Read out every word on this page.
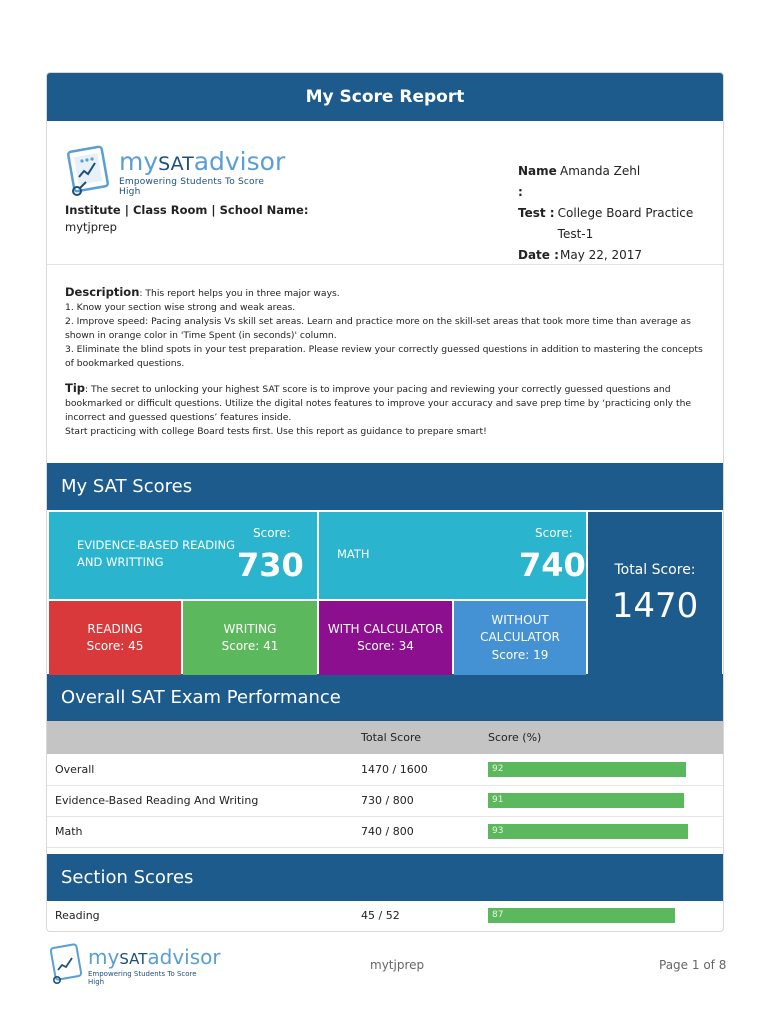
My Score Report
mySATadvisor
Empowering Students To Score High
Institute | Class Room | School Name:
mytjprep
Name :
Amanda Zehl
Test : College Board Practice Test-1
Date : May 22, 2017

Description: This report helps you in three major ways.

1. Know your section wise strong and weak areas.

2. Improve speed: Pacing analysis Vs skill set areas. Learn and practice more on the skill-set areas that took more time than average as shown in orange color in 'Time Spent (in seconds)' column.

3. Eliminate the blind spots in your test preparation. Please review your correctly guessed questions in addition to mastering the concepts of bookmarked questions.

Tip: The secret to unlocking your highest SAT score is to improve your pacing and reviewing your correctly guessed questions and bookmarked or difficult questions. Utilize the digital notes features to improve your accuracy and save prep time by ‘practicing only the incorrect and guessed questions’ features inside.

Start practicing with college Board tests first. Use this report as guidance to prepare smart!

My SAT Scores
EVIDENCE-BASED READING
AND WRITTING
Score:
730	MATH
Score:
740	Total Score:
1470
READING
Score: 45
WRITING
Score: 41
WITH CALCULATOR
Score: 34
WITHOUT
CALCULATOR
Score: 19
Overall SAT Exam Performance
	Total Score	Score (%)
Overall	1470 / 1600	92

Evidence-Based Reading And Writing	730 / 800	91

Math	740 / 800	93
Section Scores
Reading	45 / 52	87
mySATadvisor
Empowering Students To Score High
mytjprep	Page 1 of 8
